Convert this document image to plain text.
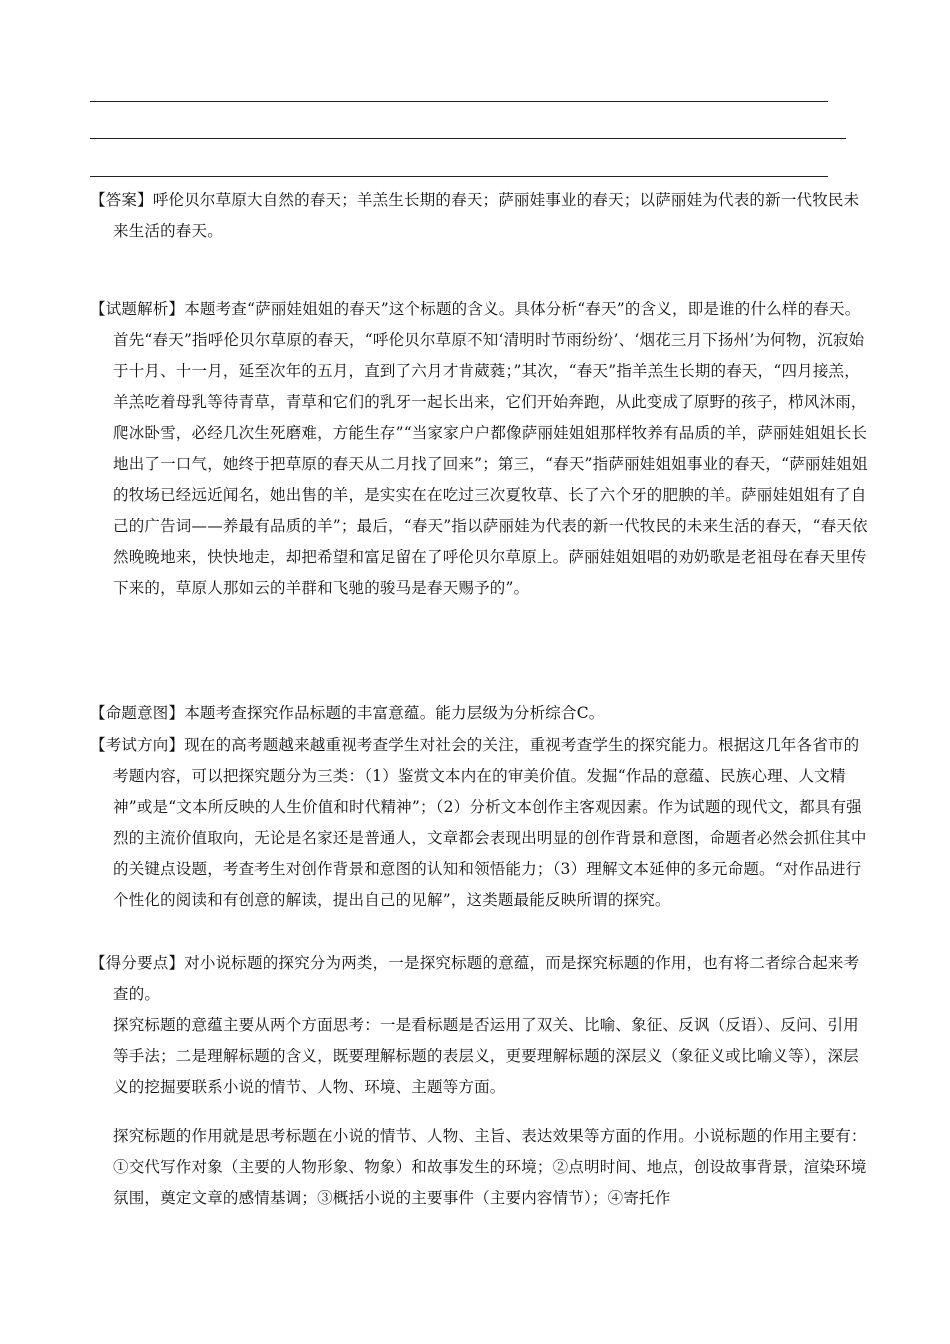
【答案】呼伦贝尔草原大自然的春天；羊羔生长期的春天；萨丽娃事业的春天；以萨丽娃为代表的新一代牧民未来生活的春天。
【试题解析】本题考查“萨丽娃姐姐的春天”这个标题的含义。具体分析“春天”的含义，即是谁的什么样的春天。首先“春天”指呼伦贝尔草原的春天，“呼伦贝尔草原不知‘清明时节雨纷纷’、‘烟花三月下扬州’为何物，沉寂始于十月、十一月，延至次年的五月，直到了六月才肯葳蕤；”其次，“春天”指羊羔生长期的春天，“四月接羔，羊羔吃着母乳等待青草，青草和它们的乳牙一起长出来，它们开始奔跑，从此变成了原野的孩子，栉风沐雨，爬冰卧雪，必经几次生死磨难，方能生存”“当家家户户都像萨丽娃姐姐那样牧养有品质的羊，萨丽娃姐姐长长地出了一口气，她终于把草原的春天从二月找了回来”；第三，“春天”指萨丽娃姐姐事业的春天，“萨丽娃姐姐的牧场已经远近闻名，她出售的羊，是实实在在吃过三次夏牧草、长了六个牙的肥腴的羊。萨丽娃姐姐有了自己的广告词——养最有品质的羊”；最后，“春天”指以萨丽娃为代表的新一代牧民的未来生活的春天，“春天依然晚晚地来，快快地走，却把希望和富足留在了呼伦贝尔草原上。萨丽娃姐姐唱的劝奶歌是老祖母在春天里传下来的，草原人那如云的羊群和飞驰的骏马是春天赐予的”。
【命题意图】本题考查探究作品标题的丰富意蕴。能力层级为分析综合C。
【考试方向】现在的高考题越来越重视考查学生对社会的关注，重视考查学生的探究能力。根据这几年各省市的考题内容，可以把探究题分为三类：（1）鉴赏文本内在的审美价值。发掘“作品的意蕴、民族心理、人文精神”或是“文本所反映的人生价值和时代精神”；（2）分析文本创作主客观因素。作为试题的现代文，都具有强烈的主流价值取向，无论是名家还是普通人，文章都会表现出明显的创作背景和意图，命题者必然会抓住其中的关键点设题，考查考生对创作背景和意图的认知和领悟能力；（3）理解文本延伸的多元命题。“对作品进行个性化的阅读和有创意的解读，提出自己的见解”，这类题最能反映所谓的探究。
【得分要点】对小说标题的探究分为两类，一是探究标题的意蕴，而是探究标题的作用，也有将二者综合起来考查的。
探究标题的意蕴主要从两个方面思考：一是看标题是否运用了双关、比喻、象征、反讽（反语）、反问、引用等手法；二是理解标题的含义，既要理解标题的表层义，更要理解标题的深层义（象征义或比喻义等），深层义的挖掘要联系小说的情节、人物、环境、主题等方面。
探究标题的作用就是思考标题在小说的情节、人物、主旨、表达效果等方面的作用。小说标题的作用主要有：①交代写作对象（主要的人物形象、物象）和故事发生的环境；②点明时间、地点，创设故事背景，渲染环境氛围，奠定文章的感情基调；③概括小说的主要事件（主要内容情节）；④寄托作
